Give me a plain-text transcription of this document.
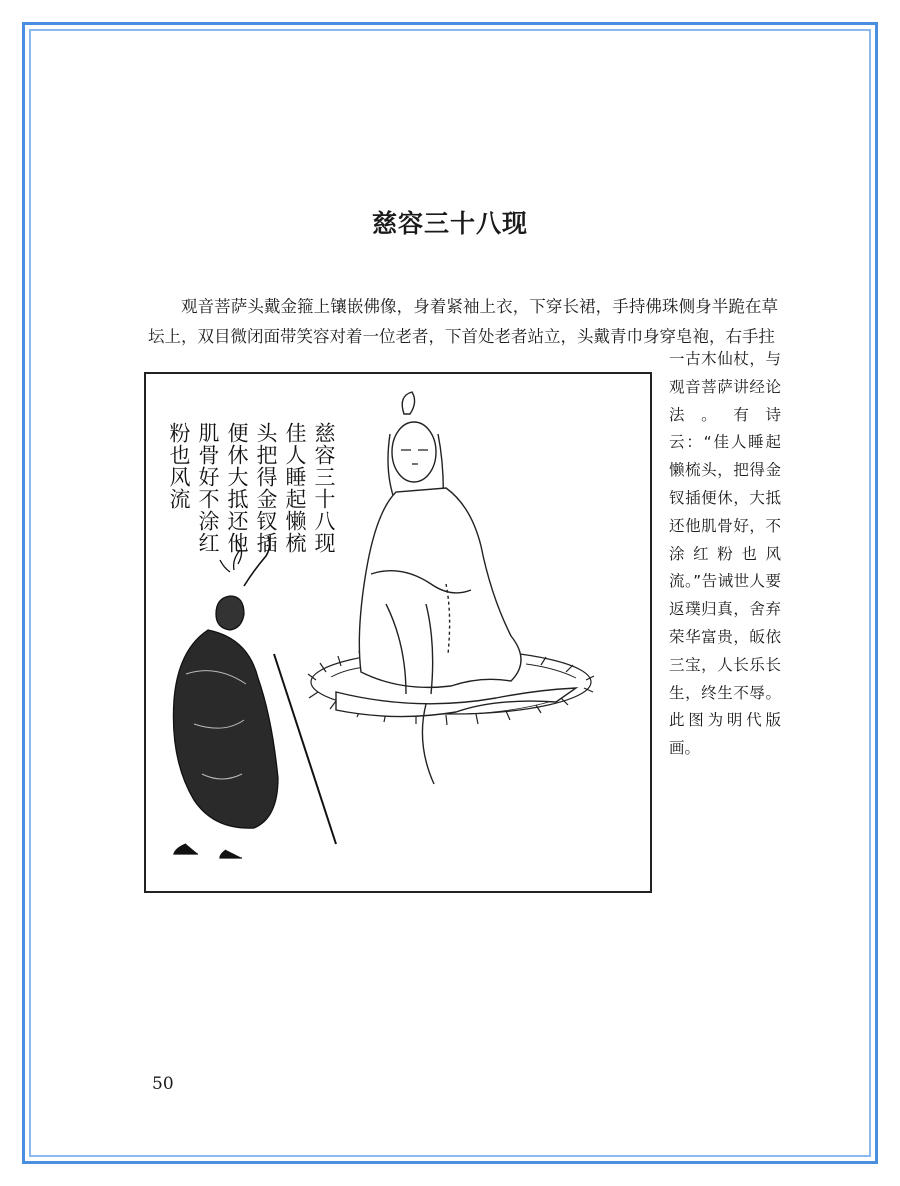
慈容三十八现

观音菩萨头戴金箍上镶嵌佛像，身着紧袖上衣，下穿长裙，手持佛珠侧身半跪在草坛上，双目微闭面带笑容对着一位老者，下首处老者站立，头戴青巾身穿皂袍，右手拄

一古木仙杖，与观音菩萨讲经论法。有诗云：“佳人睡起懒梳头，把得金钗插便休，大抵还他肌骨好，不涂红粉也风流。”告诫世人要返璞归真，舍弃荣华富贵，皈依三宝，人长乐长生，终生不辱。此图为明代版画。

慈容三十八现
佳人睡起懒梳
头把得金钗插
便休大抵还他
肌骨好不涂红
粉也风流
50
